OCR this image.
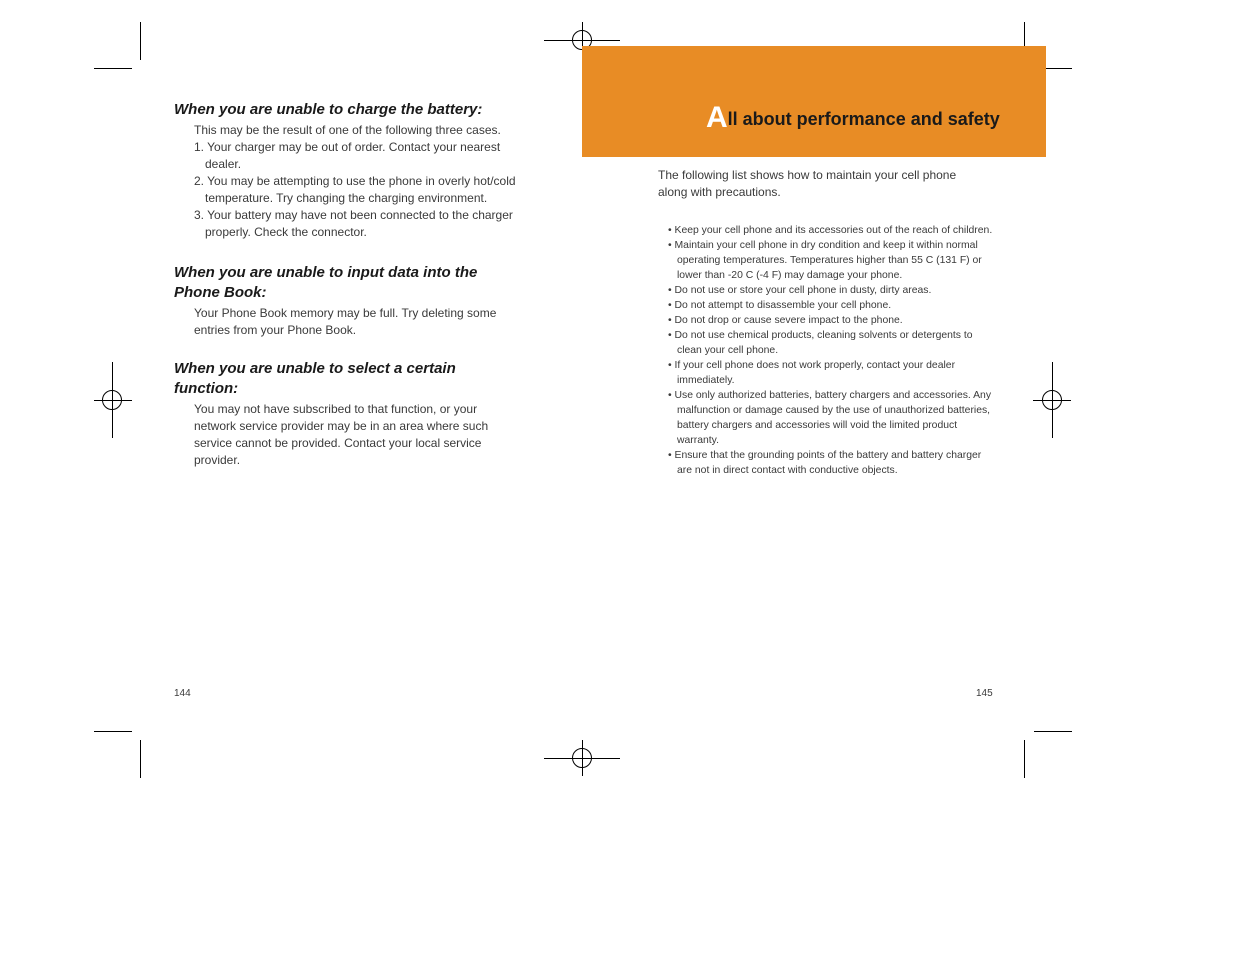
When you are unable to charge the battery:
This may be the result of one of the following three cases.
1. Your charger may be out of order. Contact your nearest dealer.
2. You may be attempting to use the phone in overly hot/cold temperature. Try changing the charging environment.
3. Your battery may have not been connected to the charger properly. Check the connector.
When you are unable to input data into the Phone Book:
Your Phone Book memory may be full. Try deleting some entries from your Phone Book.
When you are unable to select a certain function:
You may not have subscribed to that function, or your network service provider may be in an area where such service cannot be provided. Contact your local service provider.
144
All about performance and safety
The following list shows how to maintain your cell phone along with precautions.
• Keep your cell phone and its accessories out of the reach of children.
• Maintain your cell phone in dry condition and keep it within normal operating temperatures. Temperatures higher than 55 C (131 F) or lower than -20 C (-4 F) may damage your phone.
• Do not use or store your cell phone in dusty, dirty areas.
• Do not attempt to disassemble your cell phone.
• Do not drop or cause severe impact to the phone.
• Do not use chemical products, cleaning solvents or detergents to clean your cell phone.
• If your cell phone does not work properly, contact your dealer immediately.
• Use only authorized batteries, battery chargers and accessories. Any malfunction or damage caused by the use of unauthorized batteries, battery chargers and accessories will void the limited product warranty.
• Ensure that the grounding points of the battery and battery charger are not in direct contact with conductive objects.
145
